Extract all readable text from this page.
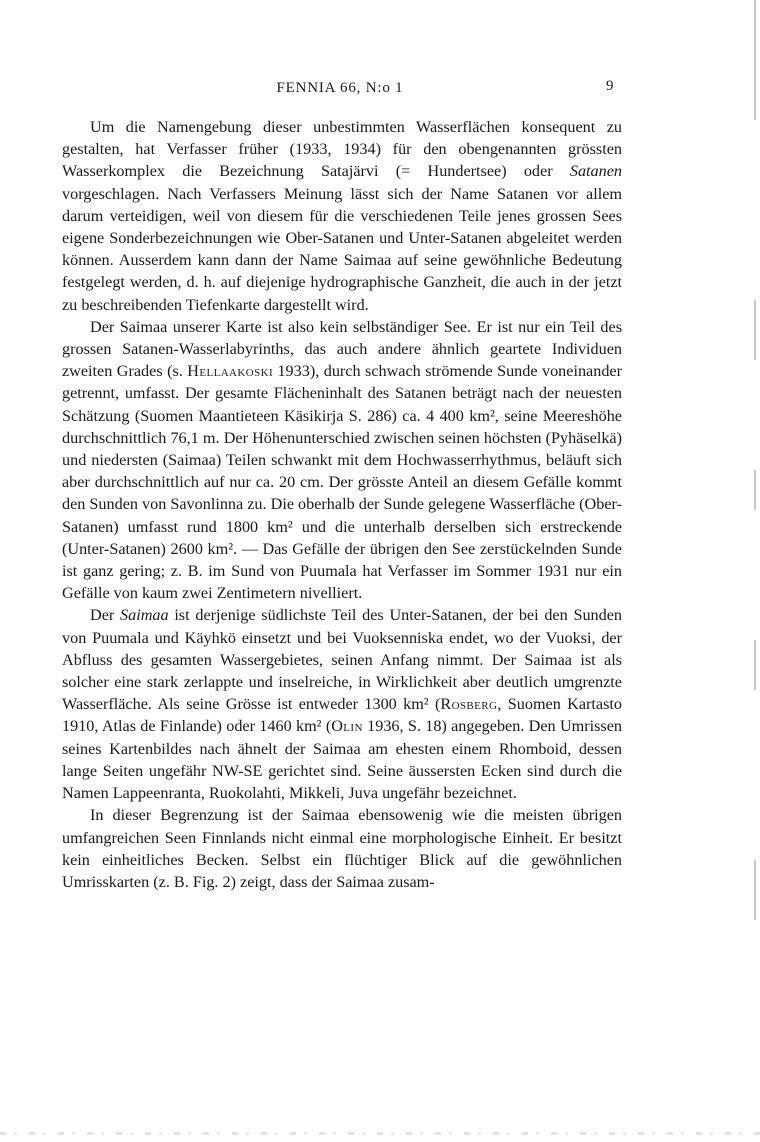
FENNIA 66, N:o 1	9

Um die Namengebung dieser unbestimmten Wasserflächen konsequent zu gestalten, hat Verfasser früher (1933, 1934) für den obengenannten grössten Wasserkomplex die Bezeichnung Satajärvi (= Hundertsee) oder Satanen vorgeschlagen. Nach Verfassers Meinung lässt sich der Name Satanen vor allem darum verteidigen, weil von diesem für die verschiedenen Teile jenes grossen Sees eigene Sonderbezeichnungen wie Ober-Satanen und Unter-Satanen abgeleitet werden können. Ausserdem kann dann der Name Saimaa auf seine gewöhnliche Bedeutung festgelegt werden, d. h. auf diejenige hydrographische Ganzheit, die auch in der jetzt zu beschreibenden Tiefenkarte dargestellt wird.

Der Saimaa unserer Karte ist also kein selbständiger See. Er ist nur ein Teil des grossen Satanen-Wasserlabyrinths, das auch andere ähnlich geartete Individuen zweiten Grades (s. Hellaakoski 1933), durch schwach strömende Sunde voneinander getrennt, umfasst. Der gesamte Flächeninhalt des Satanen beträgt nach der neuesten Schätzung (Suomen Maantieteen Käsikirja S. 286) ca. 4 400 km², seine Meereshöhe durchschnittlich 76,1 m. Der Höhenunterschied zwischen seinen höchsten (Pyhäselkä) und niedersten (Saimaa) Teilen schwankt mit dem Hochwasserrhythmus, beläuft sich aber durchschnittlich auf nur ca. 20 cm. Der grösste Anteil an diesem Gefälle kommt den Sunden von Savonlinna zu. Die oberhalb der Sunde gelegene Wasserfläche (Ober-Satanen) umfasst rund 1800 km² und die unterhalb derselben sich erstreckende (Unter-Satanen) 2600 km². — Das Gefälle der übrigen den See zerstückelnden Sunde ist ganz gering; z. B. im Sund von Puumala hat Verfasser im Sommer 1931 nur ein Gefälle von kaum zwei Zentimetern nivelliert.

Der Saimaa ist derjenige südlichste Teil des Unter-Satanen, der bei den Sunden von Puumala und Käyhkö einsetzt und bei Vuoksenniska endet, wo der Vuoksi, der Abfluss des gesamten Wassergebietes, seinen Anfang nimmt. Der Saimaa ist als solcher eine stark zerlappte und inselreiche, in Wirklichkeit aber deutlich umgrenzte Wasserfläche. Als seine Grösse ist entweder 1300 km² (Rosberg, Suomen Kartasto 1910, Atlas de Finlande) oder 1460 km² (Olin 1936, S. 18) angegeben. Den Umrissen seines Kartenbildes nach ähnelt der Saimaa am ehesten einem Rhomboid, dessen lange Seiten ungefähr NW-SE gerichtet sind. Seine äussersten Ecken sind durch die Namen Lappeenranta, Ruokolahti, Mikkeli, Juva ungefähr bezeichnet.

In dieser Begrenzung ist der Saimaa ebensowenig wie die meisten übrigen umfangreichen Seen Finnlands nicht einmal eine morphologische Einheit. Er besitzt kein einheitliches Becken. Selbst ein flüchtiger Blick auf die gewöhnlichen Umrisskarten (z. B. Fig. 2) zeigt, dass der Saimaa zusam-
